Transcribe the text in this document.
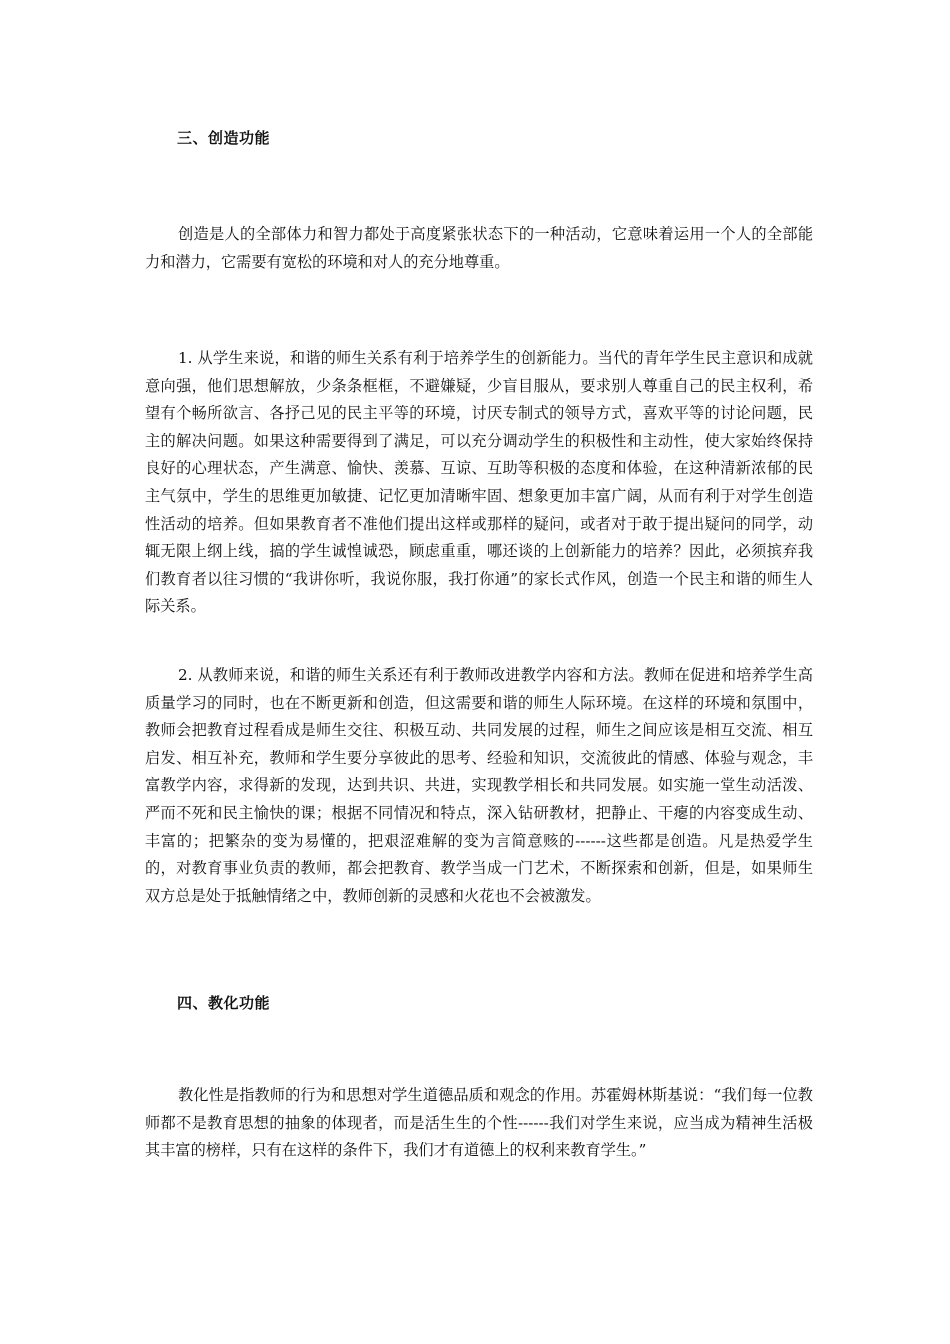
三、创造功能

创造是人的全部体力和智力都处于高度紧张状态下的一种活动，它意味着运用一个人的全部能力和潜力，它需要有宽松的环境和对人的充分地尊重。

1. 从学生来说，和谐的师生关系有利于培养学生的创新能力。当代的青年学生民主意识和成就意向强，他们思想解放，少条条框框，不避嫌疑，少盲目服从，要求别人尊重自己的民主权利，希望有个畅所欲言、各抒己见的民主平等的环境，讨厌专制式的领导方式，喜欢平等的讨论问题，民主的解决问题。如果这种需要得到了满足，可以充分调动学生的积极性和主动性，使大家始终保持良好的心理状态，产生满意、愉快、羡慕、互谅、互助等积极的态度和体验，在这种清新浓郁的民主气氛中，学生的思维更加敏捷、记忆更加清晰牢固、想象更加丰富广阔，从而有利于对学生创造性活动的培养。但如果教育者不准他们提出这样或那样的疑问，或者对于敢于提出疑问的同学，动辄无限上纲上线，搞的学生诚惶诚恐，顾虑重重，哪还谈的上创新能力的培养？因此，必须摈弃我们教育者以往习惯的“我讲你听，我说你服，我打你通”的家长式作风，创造一个民主和谐的师生人际关系。

2. 从教师来说，和谐的师生关系还有利于教师改进教学内容和方法。教师在促进和培养学生高质量学习的同时，也在不断更新和创造，但这需要和谐的师生人际环境。在这样的环境和氛围中，教师会把教育过程看成是师生交往、积极互动、共同发展的过程，师生之间应该是相互交流、相互启发、相互补充，教师和学生要分享彼此的思考、经验和知识，交流彼此的情感、体验与观念，丰富教学内容，求得新的发现，达到共识、共进，实现教学相长和共同发展。如实施一堂生动活泼、严而不死和民主愉快的课；根据不同情况和特点，深入钻研教材，把静止、干瘪的内容变成生动、丰富的；把繁杂的变为易懂的，把艰涩难解的变为言简意赅的------这些都是创造。凡是热爱学生的，对教育事业负责的教师，都会把教育、教学当成一门艺术，不断探索和创新，但是，如果师生双方总是处于抵触情绪之中，教师创新的灵感和火花也不会被激发。

四、教化功能

教化性是指教师的行为和思想对学生道德品质和观念的作用。苏霍姆林斯基说：“我们每一位教师都不是教育思想的抽象的体现者，而是活生生的个性------我们对学生来说，应当成为精神生活极其丰富的榜样，只有在这样的条件下，我们才有道德上的权利来教育学生。”
